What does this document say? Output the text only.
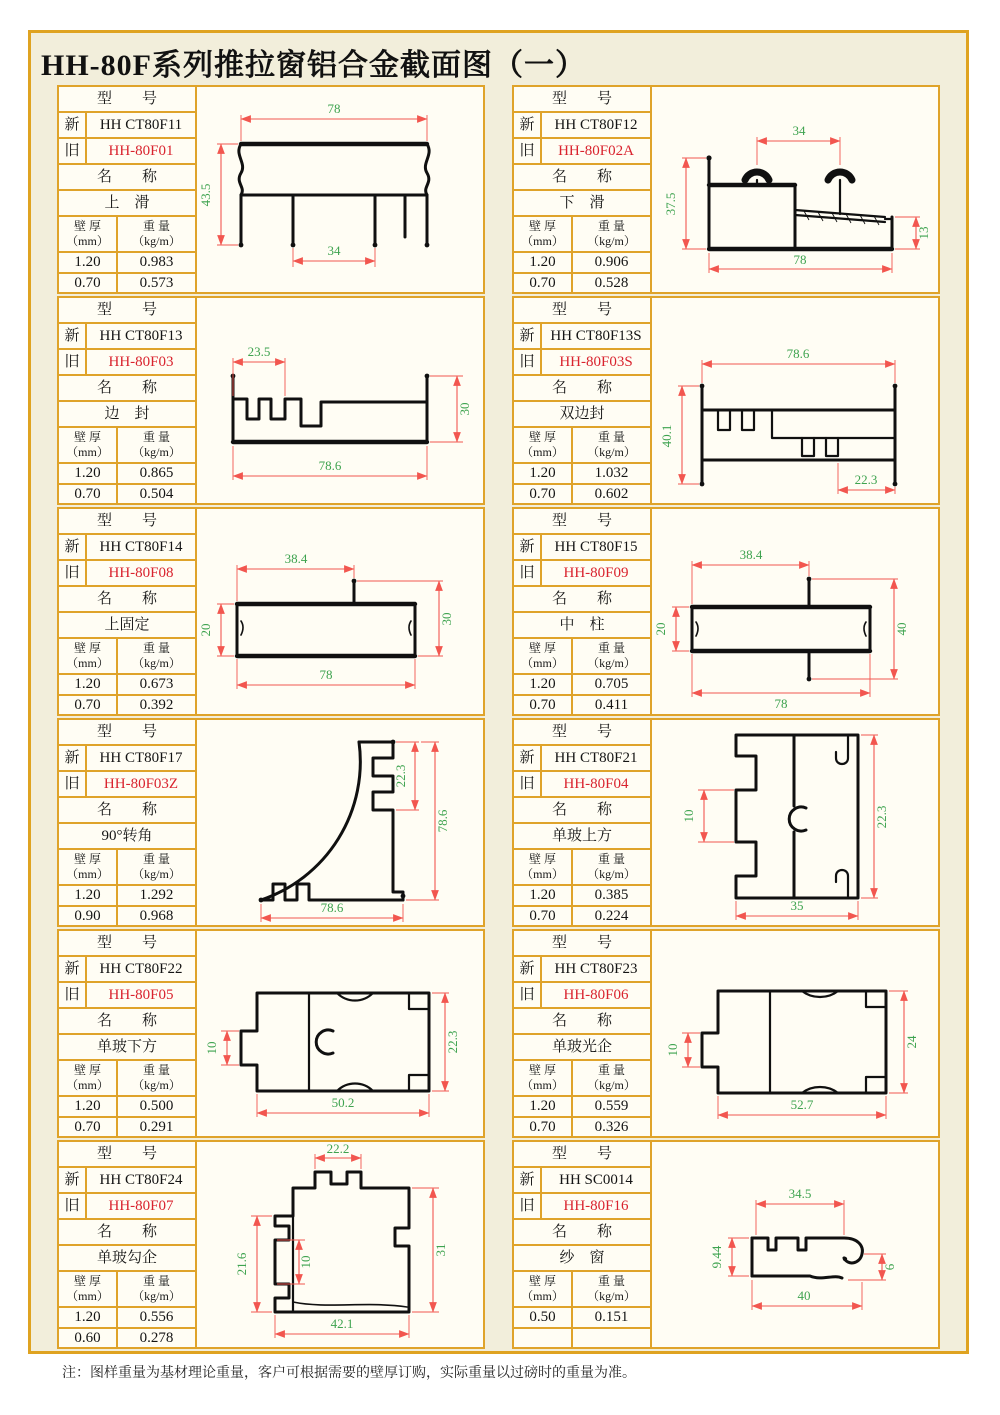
HH-80F系列推拉窗铝合金截面图（一）
型　　号
新	HH CT80F11
旧	HH-80F01
名　　称
上　滑
壁 厚
（mm）
重 量
（kg/m）
1.20	0.983
0.70	0.573
78
43.5
34
型　　号
新	HH CT80F12
旧	HH-80F02A
名　　称
下　滑
壁 厚
（mm）
重 量
（kg/m）
1.20	0.906
0.70	0.528
34
37.5
13
78
型　　号
新	HH CT80F13
旧	HH-80F03
名　　称
边　封
壁 厚
（mm）
重 量
（kg/m）
1.20	0.865
0.70	0.504
23.5
30
78.6
型　　号
新	HH CT80F13S
旧	HH-80F03S
名　　称
双边封
壁 厚
（mm）
重 量
（kg/m）
1.20	1.032
0.70	0.602
78.6
40.1
22.3
型　　号
新	HH CT80F14
旧	HH-80F08
名　　称
上固定
壁 厚
（mm）
重 量
（kg/m）
1.20	0.673
0.70	0.392
38.4
20
30
78
型　　号
新	HH CT80F15
旧	HH-80F09
名　　称
中　柱
壁 厚
（mm）
重 量
（kg/m）
1.20	0.705
0.70	0.411
38.4
20	40
78
型　　号
新	HH CT80F17
旧	HH-80F03Z
名　　称
90°转角
壁 厚
（mm）
重 量
（kg/m）
1.20	1.292
0.90	0.968
22.3
78.6
78.6
型　　号
新	HH CT80F21
旧	HH-80F04
名　　称
单玻上方
壁 厚
（mm）
重 量
（kg/m）
1.20	0.385
0.70	0.224
10	22.3
35
型　　号
新	HH CT80F22
旧	HH-80F05
名　　称
单玻下方
壁 厚
（mm）
重 量
（kg/m）
1.20	0.500
0.70	0.291
10	22.3
50.2
型　　号
新	HH CT80F23
旧	HH-80F06
名　　称
单玻光企
壁 厚
（mm）
重 量
（kg/m）
1.20	0.559
0.70	0.326
10
24
52.7
型　　号
新	HH CT80F24
旧	HH-80F07
名　　称
单玻勾企
壁 厚
（mm）
重 量
（kg/m）
1.20	0.556
0.60	0.278
22.2
21.6	10
31
42.1
型　　号
新	HH SC0014
旧	HH-80F16
名　　称
纱　窗
壁 厚
（mm）
重 量
（kg/m）
0.50	0.151
34.5
9.44	6
40
注：图样重量为基材理论重量，客户可根据需要的壁厚订购，实际重量以过磅时的重量为准。
